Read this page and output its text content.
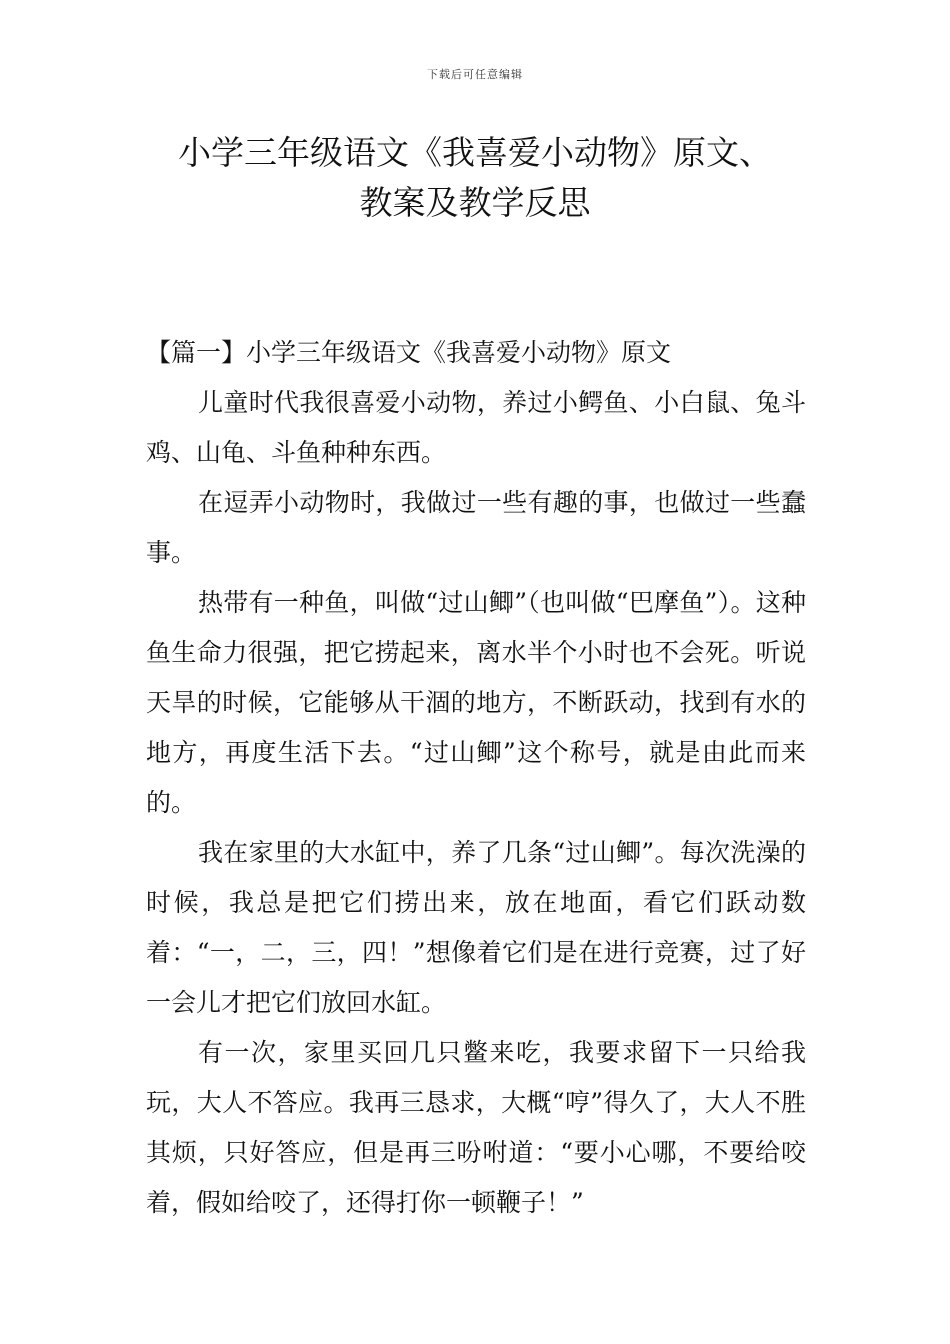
下载后可任意编辑
小学三年级语文《我喜爱小动物》原文、
教案及教学反思
【篇一】小学三年级语文《我喜爱小动物》原文

儿童时代我很喜爱小动物，养过小鳄鱼、小白鼠、兔斗鸡、山龟、斗鱼种种东西。

在逗弄小动物时，我做过一些有趣的事，也做过一些蠢事。

热带有一种鱼，叫做“过山鲫”（也叫做“巴摩鱼”）。这种鱼生命力很强，把它捞起来，离水半个小时也不会死。听说天旱的时候，它能够从干涸的地方，不断跃动，找到有水的地方，再度生活下去。“过山鲫”这个称号，就是由此而来的。

我在家里的大水缸中，养了几条“过山鲫”。每次洗澡的时候，我总是把它们捞出来，放在地面，看它们跃动数着：“一，二，三，四！”想像着它们是在进行竞赛，过了好一会儿才把它们放回水缸。

有一次，家里买回几只鳖来吃，我要求留下一只给我玩，大人不答应。我再三恳求，大概“哼”得久了，大人不胜其烦，只好答应，但是再三吩咐道：“要小心哪，不要给咬着，假如给咬了，还得打你一顿鞭子！”
